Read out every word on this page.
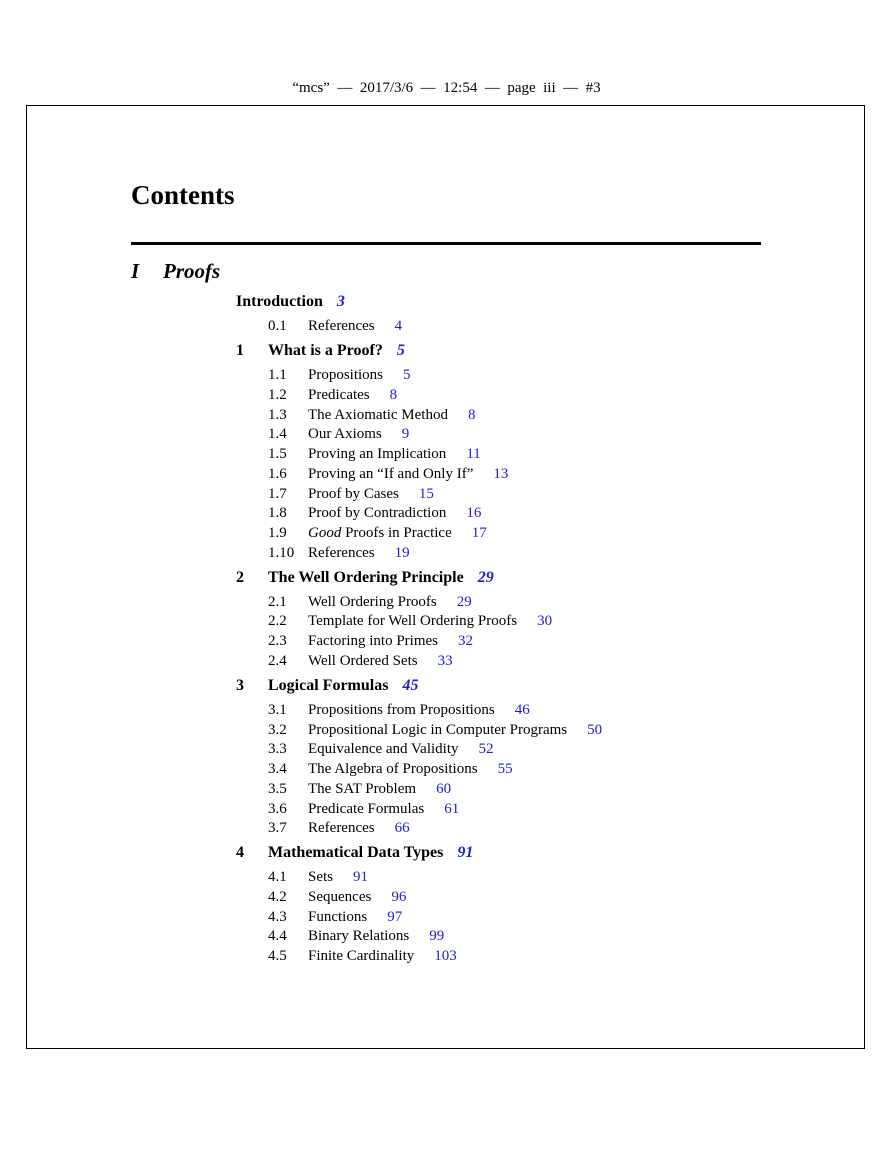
“mcs”  —  2017/3/6  —  12:54  —  page  iii  —  #3
Contents
I Proofs
Introduction 3
0.1 References 4
1 What is a Proof? 5
1.1 Propositions 5
1.2 Predicates 8
1.3 The Axiomatic Method 8
1.4 Our Axioms 9
1.5 Proving an Implication 11
1.6 Proving an “If and Only If” 13
1.7 Proof by Cases 15
1.8 Proof by Contradiction 16
1.9 Good Proofs in Practice 17
1.10 References 19
2 The Well Ordering Principle 29
2.1 Well Ordering Proofs 29
2.2 Template for Well Ordering Proofs 30
2.3 Factoring into Primes 32
2.4 Well Ordered Sets 33
3 Logical Formulas 45
3.1 Propositions from Propositions 46
3.2 Propositional Logic in Computer Programs 50
3.3 Equivalence and Validity 52
3.4 The Algebra of Propositions 55
3.5 The SAT Problem 60
3.6 Predicate Formulas 61
3.7 References 66
4 Mathematical Data Types 91
4.1 Sets 91
4.2 Sequences 96
4.3 Functions 97
4.4 Binary Relations 99
4.5 Finite Cardinality 103
